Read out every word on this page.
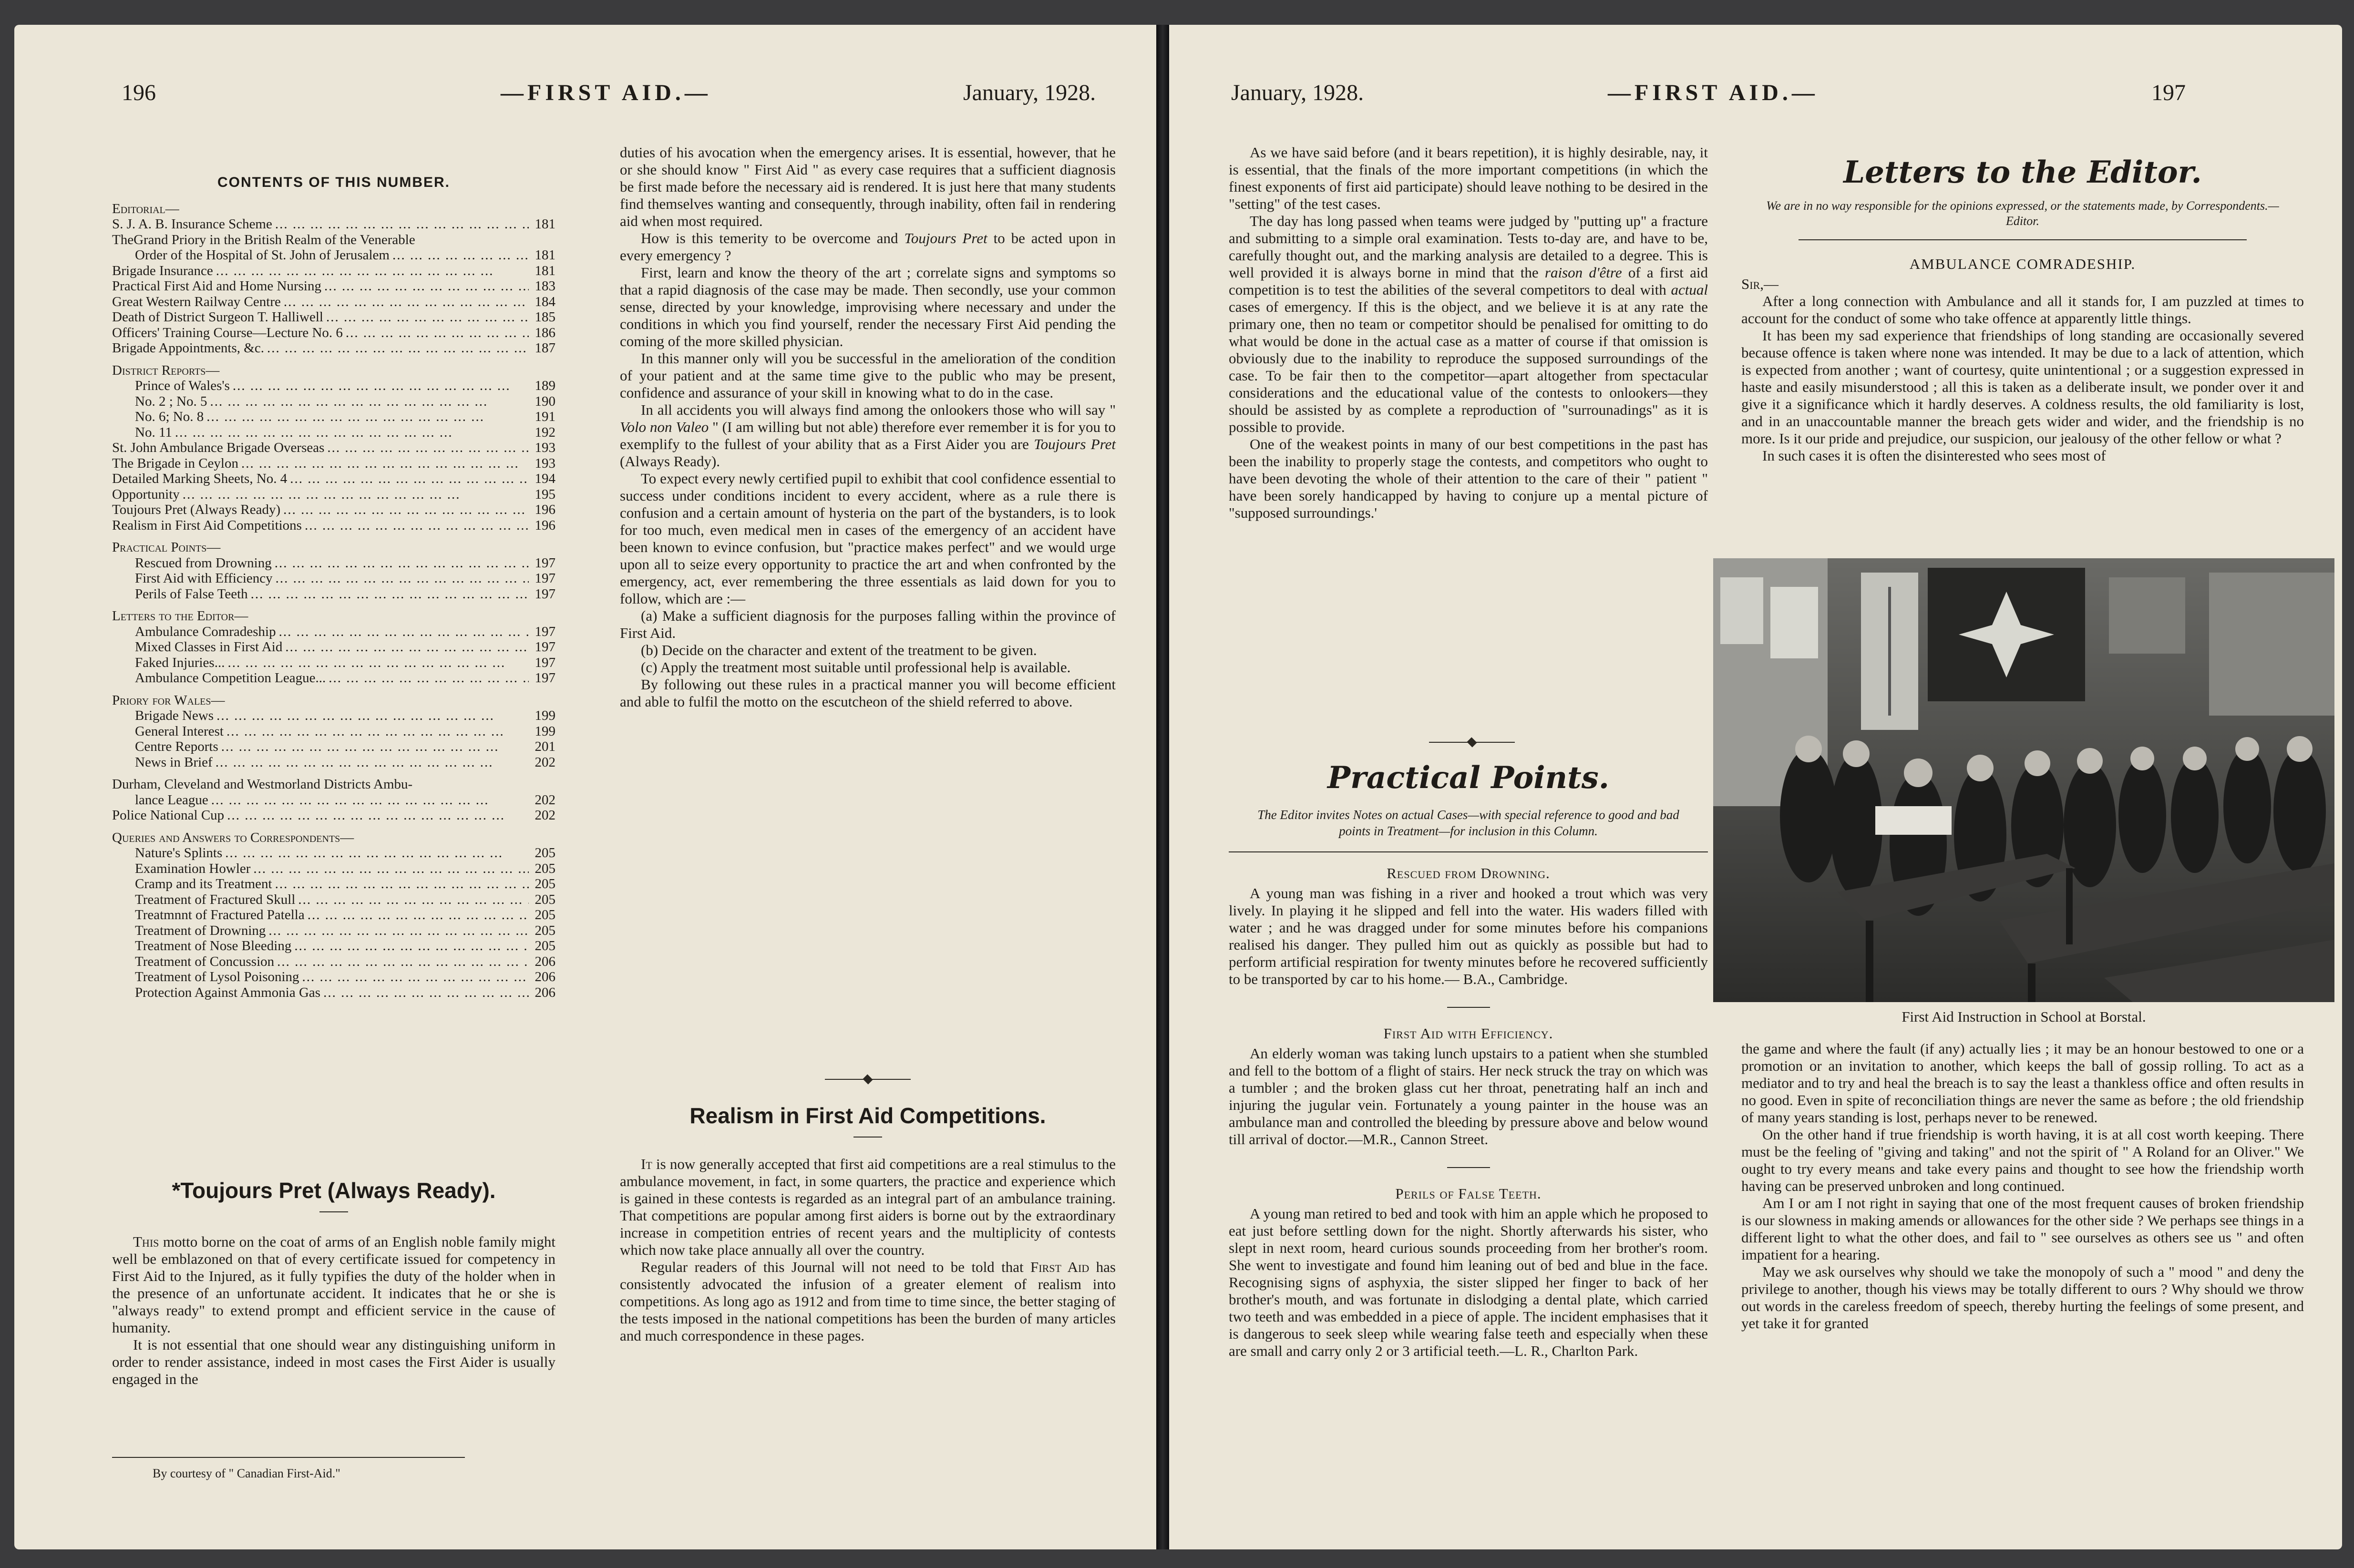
196	—FIRST AID.—	January, 1928.
CONTENTS OF THIS NUMBER.
Editorial—
S. J. A. B. Insurance Scheme ...	181
TheGrand Priory in the British Realm of the Venerable
Order of the Hospital of St. John of Jerusalem ...	181
Brigade Insurance ...	181
Practical First Aid and Home Nursing ...	183
Great Western Railway Centre ...	184
Death of District Surgeon T. Halliwell ...	185
Officers' Training Course—Lecture No. 6 ...	186
Brigade Appointments, &c. ...	187
District Reports—
Prince of Wales's ...	189
No. 2 ; No. 5 ...	190
No. 6; No. 8 ...	191
No. 11 ...	192
St. John Ambulance Brigade Overseas ...	193
The Brigade in Ceylon ...	193
Detailed Marking Sheets, No. 4 ...	194
Opportunity ...	195
Toujours Pret (Always Ready) ...	196
Realism in First Aid Competitions ...	196
Practical Points—
Rescued from Drowning ...	197
First Aid with Efficiency ...	197
Perils of False Teeth ...	197
Letters to the Editor—
Ambulance Comradeship ...	197
Mixed Classes in First Aid ...	197
Faked Injuries... ...	197
Ambulance Competition League... ...	197
Priory for Wales—
Brigade News ...	199
General Interest ...	199
Centre Reports ...	201
News in Brief ...	202
Durham, Cleveland and Westmorland Districts Ambu-
lance League ...	202
Police National Cup ...	202
Queries and Answers to Correspondents—
Nature's Splints ...	205
Examination Howler ...	205
Cramp and its Treatment ...	205
Treatment of Fractured Skull ...	205
Treatmnnt of Fractured Patella ...	205
Treatment of Drowning ...	205
Treatment of Nose Bleeding ...	205
Treatment of Concussion ...	206
Treatment of Lysol Poisoning ...	206
Protection Against Ammonia Gas ...	206
*Toujours Pret (Always Ready).

This motto borne on the coat of arms of an English noble family might well be emblazoned on that of every certificate issued for competency in First Aid to the Injured, as it fully typifies the duty of the holder when in the presence of an unfortunate accident. It indicates that he or she is "always ready" to extend prompt and efficient service in the cause of humanity.

It is not essential that one should wear any distinguishing uniform in order to render assistance, indeed in most cases the First Aider is usually engaged in the

By courtesy of " Canadian First-Aid."

duties of his avocation when the emergency arises. It is essential, however, that he or she should know " First Aid " as every case requires that a sufficient diagnosis be first made before the necessary aid is rendered. It is just here that many students find themselves wanting and consequently, through inability, often fail in rendering aid when most required.

How is this temerity to be overcome and Toujours Pret to be acted upon in every emergency ?

First, learn and know the theory of the art ; correlate signs and symptoms so that a rapid diagnosis of the case may be made. Then secondly, use your common sense, directed by your knowledge, improvising where necessary and under the conditions in which you find yourself, render the necessary First Aid pending the coming of the more skilled physician.

In this manner only will you be successful in the amelioration of the condition of your patient and at the same time give to the public who may be present, confidence and assurance of your skill in knowing what to do in the case.

In all accidents you will always find among the onlookers those who will say " Volo non Valeo " (I am willing but not able) therefore ever remember it is for you to exemplify to the fullest of your ability that as a First Aider you are Toujours Pret (Always Ready).

To expect every newly certified pupil to exhibit that cool confidence essential to success under conditions incident to every accident, where as a rule there is confusion and a certain amount of hysteria on the part of the bystanders, is to look for too much, even medical men in cases of the emergency of an accident have been known to evince confusion, but "practice makes perfect" and we would urge upon all to seize every opportunity to practice the art and when confronted by the emergency, act, ever remembering the three essentials as laid down for you to follow, which are :—

(a) Make a sufficient diagnosis for the purposes falling within the province of First Aid.

(b) Decide on the character and extent of the treatment to be given.

(c) Apply the treatment most suitable until professional help is available.

By following out these rules in a practical manner you will become efficient and able to fulfil the motto on the escutcheon of the shield referred to above.

Realism in First Aid Competitions.

It is now generally accepted that first aid competitions are a real stimulus to the ambulance movement, in fact, in some quarters, the practice and experience which is gained in these contests is regarded as an integral part of an ambulance training. That competitions are popular among first aiders is borne out by the extraordinary increase in competition entries of recent years and the multiplicity of contests which now take place annually all over the country.

Regular readers of this Journal will not need to be told that First Aid has consistently advocated the infusion of a greater element of realism into competitions. As long ago as 1912 and from time to time since, the better staging of the tests imposed in the national competitions has been the burden of many articles and much correspondence in these pages.

January, 1928.	—FIRST AID.—	197

As we have said before (and it bears repetition), it is highly desirable, nay, it is essential, that the finals of the more important competitions (in which the finest exponents of first aid participate) should leave nothing to be desired in the "setting" of the test cases.

The day has long passed when teams were judged by "putting up" a fracture and submitting to a simple oral examination. Tests to-day are, and have to be, carefully thought out, and the marking analysis are detailed to a degree. This is well provided it is always borne in mind that the raison d'être of a first aid competition is to test the abilities of the several competitors to deal with actual cases of emergency. If this is the object, and we believe it is at any rate the primary one, then no team or competitor should be penalised for omitting to do what would be done in the actual case as a matter of course if that omission is obviously due to the inability to reproduce the supposed surroundings of the case. To be fair then to the competitor—apart altogether from spectacular considerations and the educational value of the contests to onlookers—they should be assisted by as complete a reproduction of "surrounadings" as it is possible to provide.

One of the weakest points in many of our best competitions in the past has been the inability to properly stage the contests, and competitors who ought to have been devoting the whole of their attention to the care of their " patient " have been sorely handicapped by having to conjure up a mental picture of "supposed surroundings.'

Practical Points.
The Editor invites Notes on actual Cases—with special reference to good and bad points in Treatment—for inclusion in this Column.
Rescued from Drowning.

A young man was fishing in a river and hooked a trout which was very lively. In playing it he slipped and fell into the water. His waders filled with water ; and he was dragged under for some minutes before his companions realised his danger. They pulled him out as quickly as possible but had to perform artificial respiration for twenty minutes before he recovered sufficiently to be transported by car to his home.— B.A., Cambridge.

First Aid with Efficiency.

An elderly woman was taking lunch upstairs to a patient when she stumbled and fell to the bottom of a flight of stairs. Her neck struck the tray on which was a tumbler ; and the broken glass cut her throat, penetrating half an inch and injuring the jugular vein. Fortunately a young painter in the house was an ambulance man and controlled the bleeding by pressure above and below wound till arrival of doctor.—M.R., Cannon Street.

Perils of False Teeth.

A young man retired to bed and took with him an apple which he proposed to eat just before settling down for the night. Shortly afterwards his sister, who slept in next room, heard curious sounds proceeding from her brother's room. She went to investigate and found him leaning out of bed and blue in the face. Recognising signs of asphyxia, the sister slipped her finger to back of her brother's mouth, and was fortunate in dislodging a dental plate, which carried two teeth and was embedded in a piece of apple. The incident emphasises that it is dangerous to seek sleep while wearing false teeth and especially when these are small and carry only 2 or 3 artificial teeth.—L. R., Charlton Park.

Letters to the Editor.
We are in no way responsible for the opinions expressed, or the statements made, by Correspondents.—Editor.
AMBULANCE COMRADESHIP.

Sir,—

After a long connection with Ambulance and all it stands for, I am puzzled at times to account for the conduct of some who take offence at apparently little things.

It has been my sad experience that friendships of long standing are occasionally severed because offence is taken where none was intended. It may be due to a lack of attention, which is expected from another ; want of courtesy, quite unintentional ; or a suggestion expressed in haste and easily misunderstood ; all this is taken as a deliberate insult, we ponder over it and give it a significance which it hardly deserves. A coldness results, the old familiarity is lost, and in an unaccountable manner the breach gets wider and wider, and the friendship is no more. Is it our pride and prejudice, our suspicion, our jealousy of the other fellow or what ?

In such cases it is often the disinterested who sees most of

First Aid Instruction in School at Borstal.

the game and where the fault (if any) actually lies ; it may be an honour bestowed to one or a promotion or an invitation to another, which keeps the ball of gossip rolling. To act as a mediator and to try and heal the breach is to say the least a thankless office and often results in no good. Even in spite of reconciliation things are never the same as before ; the old friendship of many years standing is lost, perhaps never to be renewed.

On the other hand if true friendship is worth having, it is at all cost worth keeping. There must be the feeling of "giving and taking" and not the spirit of " A Roland for an Oliver." We ought to try every means and take every pains and thought to see how the friendship worth having can be preserved unbroken and long continued.

Am I or am I not right in saying that one of the most frequent causes of broken friendship is our slowness in making amends or allowances for the other side ? We perhaps see things in a different light to what the other does, and fail to " see ourselves as others see us " and often impatient for a hearing.

May we ask ourselves why should we take the monopoly of such a " mood " and deny the privilege to another, though his views may be totally different to ours ? Why should we throw out words in the careless freedom of speech, thereby hurting the feelings of some present, and yet take it for granted
